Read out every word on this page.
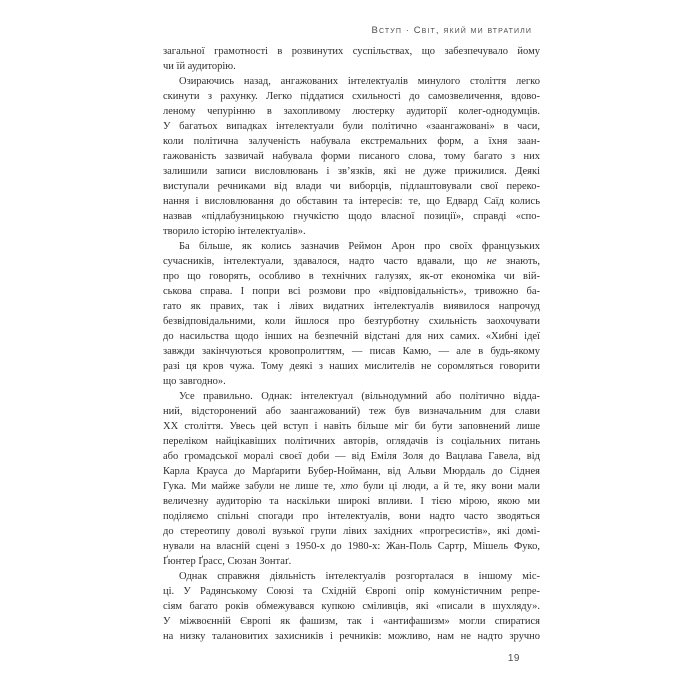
Вступ · Світ, який ми втратили
загальної грамотності в розвинутих суспільствах, що забезпечувало йому
чи їй аудиторію.
Озираючись назад, ангажованих інтелектуалів минулого століття легко
скинути з рахунку. Легко піддатися схильності до самозвеличення, вдово-
леному чепурінню в захопливому люстерку аудиторії колег-однодумців.
У багатьох випадках інтелектуали були політично «заангажовані» в часи,
коли політична залученість набувала екстремальних форм, а їхня заан-
гажованість зазвичай набувала форми писаного слова, тому багато з них
залишили записи висловлювань і зв’язків, які не дуже прижилися. Деякі
виступали речниками від влади чи виборців, підлаштовували свої переко-
нання і висловлювання до обставин та інтересів: те, що Едвард Саїд колись
назвав «підлабузницькою гнучкістю щодо власної позиції», справді «спо-
творило історію інтелектуалів».
Ба більше, як колись зазначив Реймон Арон про своїх французьких
сучасників, інтелектуали, здавалося, надто часто вдавали, що не знають,
про що говорять, особливо в технічних галузях, як-от економіка чи вій-
ськова справа. І попри всі розмови про «відповідальність», тривожно ба-
гато як правих, так і лівих видатних інтелектуалів виявилося напрочуд
безвідповідальними, коли йшлося про безтурботну схильність заохочувати
до насильства щодо інших на безпечній відстані для них самих. «Хибні ідеї
завжди закінчуються кровопролиттям, — писав Камю, — але в будь-якому
разі ця кров чужа. Тому деякі з наших мислителів не соромляться говорити
що завгодно».
Усе правильно. Однак: інтелектуал (вільнодумний або політично відда-
ний, відсторонений або заангажований) теж був визначальним для слави
ХХ століття. Увесь цей вступ і навіть більше міг би бути заповнений лише
переліком найцікавіших політичних авторів, оглядачів із соціальних питань
або громадської моралі своєї доби — від Еміля Золя до Вацлава Гавела, від
Карла Крауса до Марґарити Бубер-Нойманн, від Альви Мюрдаль до Сіднея
Гука. Ми майже забули не лише те, хто були ці люди, а й те, яку вони мали
величезну аудиторію та наскільки широкі впливи. І тією мірою, якою ми
поділяємо спільні спогади про інтелектуалів, вони надто часто зводяться
до стереотипу доволі вузької групи лівих західних «прогресистів», які домі-
нували на власній сцені з 1950-х до 1980-х: Жан-Поль Сартр, Мішель Фуко,
Ґюнтер Ґрасс, Сюзан Зонтаґ.
Однак справжня діяльність інтелектуалів розгорталася в іншому міс-
ці. У Радянському Союзі та Східній Європі опір комуністичним репре-
сіям багато років обмежувався купкою сміливців, які «писали в шухляду».
У міжвоєнній Європі як фашизм, так і «антифашизм» могли спиратися
на низку талановитих захисників і речників: можливо, нам не надто зручно
19
